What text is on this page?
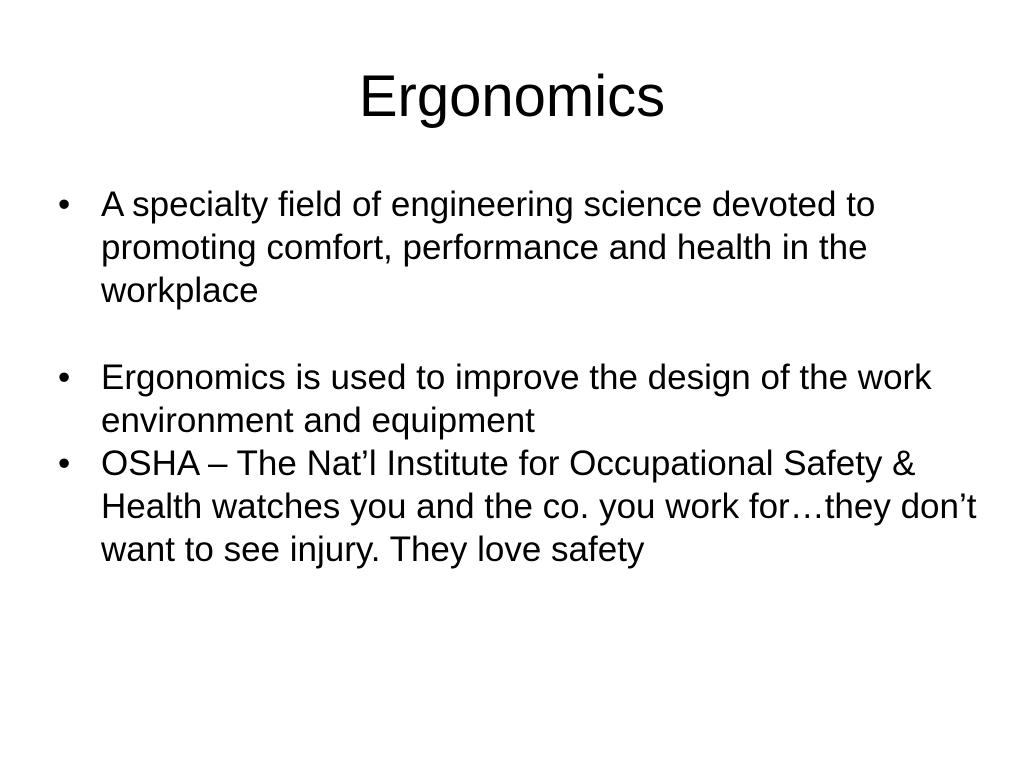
Ergonomics
• A specialty field of engineering science devoted to promoting comfort, performance and health in the workplace
• Ergonomics is used to improve the design of the work environment and equipment
• OSHA – The Nat’l Institute for Occupational Safety & Health watches you and the co. you work for…they don’t want to see injury. They love safety
